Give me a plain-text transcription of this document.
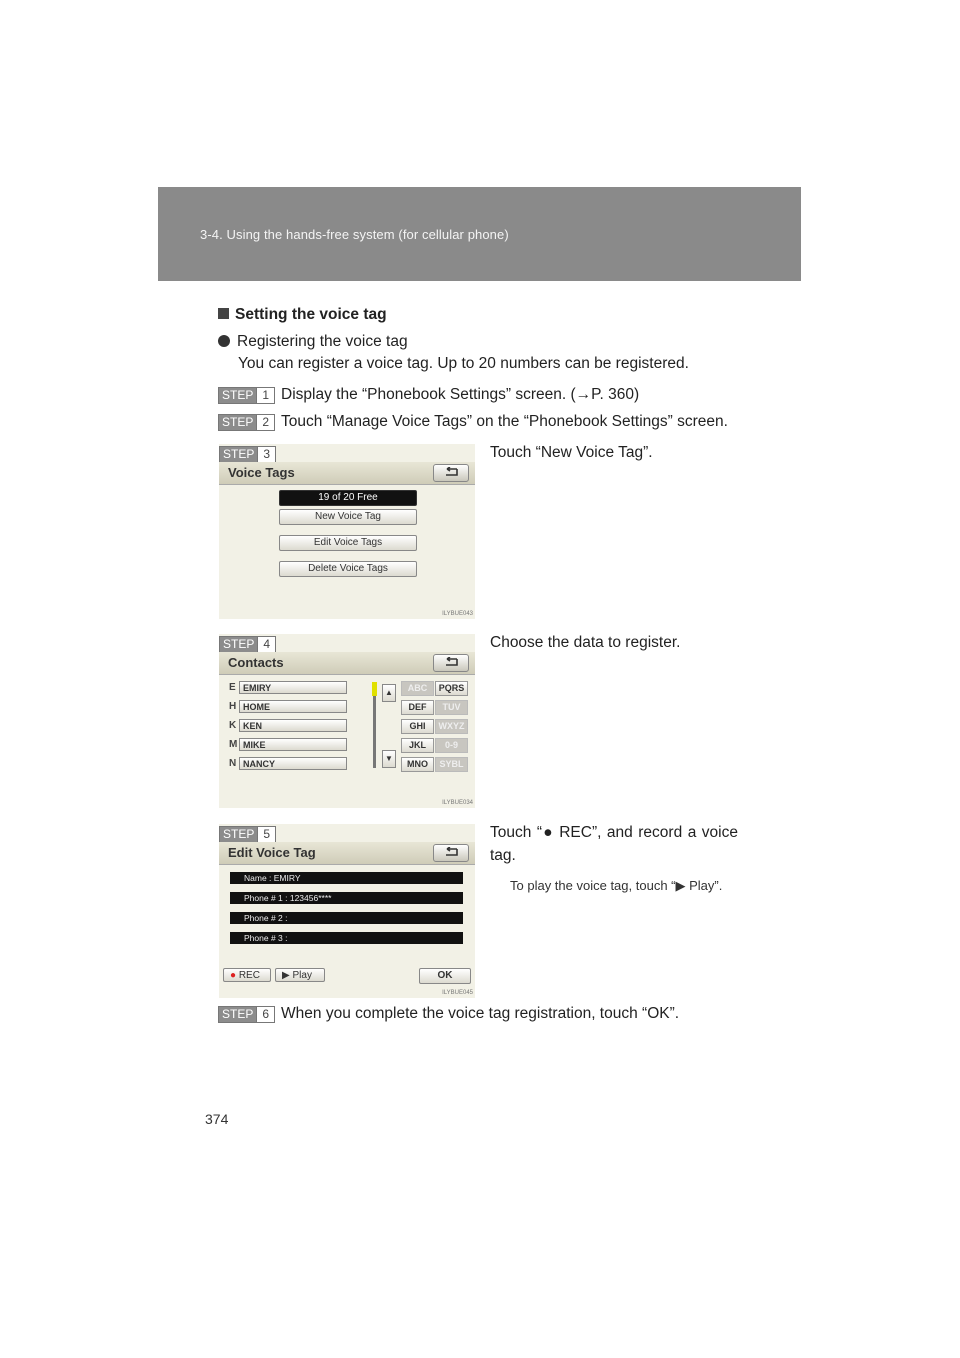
3-4. Using the hands-free system (for cellular phone)
Setting the voice tag
Registering the voice tag
You can register a voice tag. Up to 20 numbers can be registered.
STEP 1 Display the “Phonebook Settings” screen. (→P. 360)
STEP 2 Touch “Manage Voice Tags” on the “Phonebook Settings” screen.
STEP 3
Voice Tags
19 of 20 Free
New Voice Tag
Edit Voice Tags
Delete Voice Tags
ILYBUE043
Touch “New Voice Tag”.
STEP 4
Contacts
E EMIRY
H HOME
K KEN
M MIKE
N NANCY
▲
▼
ABC	PQRS
DEF	TUV
GHI	WXYZ
JKL	0-9
MNO	SYBL
ILYBUE034
Choose the data to register.
STEP 5
Edit Voice Tag
Name : EMIRY
Phone # 1 : 123456****
Phone # 2 :
Phone # 3 :
● REC	▶ Play	OK
ILYBUE045
Touch “● REC”, and record a voice tag.
To play the voice tag, touch “▶ Play”.
STEP 6 When you complete the voice tag registration, touch “OK”.
374
